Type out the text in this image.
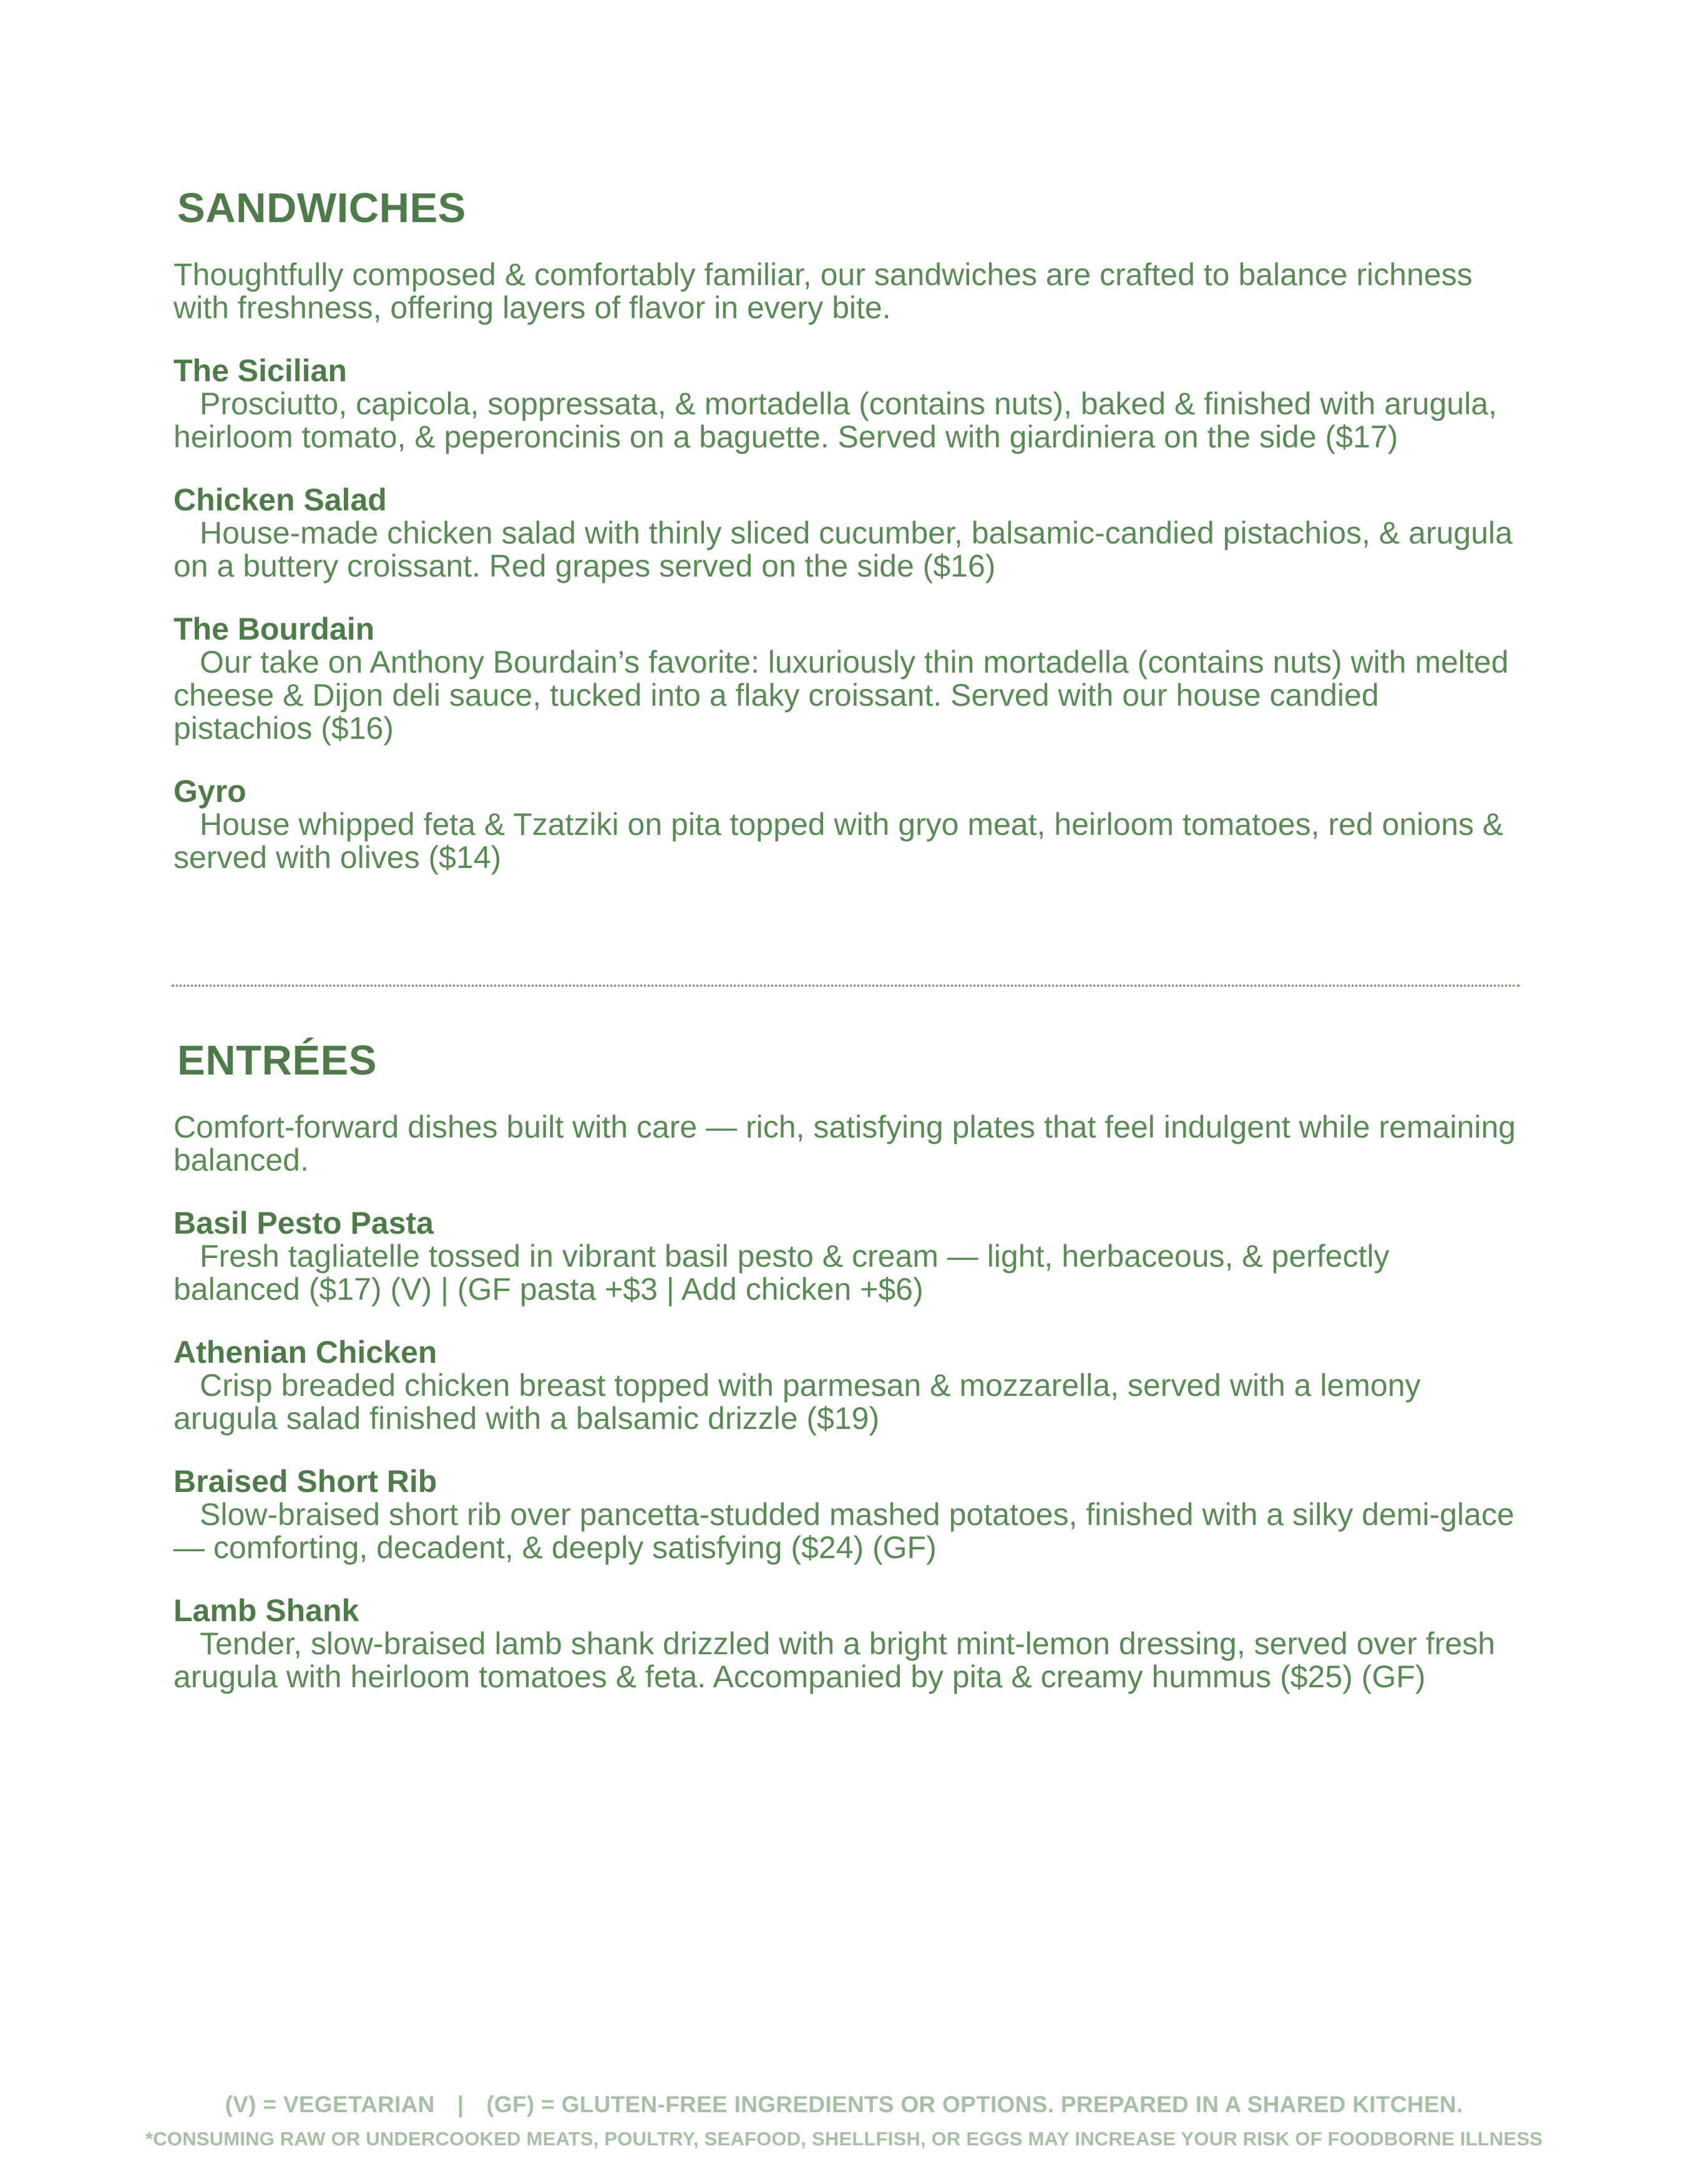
SANDWICHES

Thoughtfully composed & comfortably familiar, our sandwiches are crafted to balance richness with freshness, offering layers of flavor in every bite.

The Sicilian
Prosciutto, capicola, soppressata, & mortadella (contains nuts), baked & finished with arugula, heirloom tomato, & peperoncinis on a baguette. Served with giardiniera on the side ($17)
Chicken Salad
House-made chicken salad with thinly sliced cucumber, balsamic-candied pistachios, & arugula on a buttery croissant. Red grapes served on the side ($16)
The Bourdain
Our take on Anthony Bourdain’s favorite: luxuriously thin mortadella (contains nuts) with melted cheese & Dijon deli sauce, tucked into a flaky croissant. Served with our house candied pistachios ($16)
Gyro
House whipped feta & Tzatziki on pita topped with gryo meat, heirloom tomatoes, red onions & served with olives ($14)
ENTRÉES

Comfort-forward dishes built with care — rich, satisfying plates that feel indulgent while remaining balanced.

Basil Pesto Pasta
Fresh tagliatelle tossed in vibrant basil pesto & cream — light, herbaceous, & perfectly balanced ($17) (V) | (GF pasta +$3 | Add chicken +$6)
Athenian Chicken
Crisp breaded chicken breast topped with parmesan & mozzarella, served with a lemony arugula salad finished with a balsamic drizzle ($19)
Braised Short Rib
Slow-braised short rib over pancetta-studded mashed potatoes, finished with a silky demi-glace — comforting, decadent, & deeply satisfying ($24) (GF)
Lamb Shank
Tender, slow-braised lamb shank drizzled with a bright mint-lemon dressing, served over fresh arugula with heirloom tomatoes & feta. Accompanied by pita & creamy hummus ($25) (GF)
(V) = VEGETARIAN | (GF) = GLUTEN-FREE INGREDIENTS OR OPTIONS. PREPARED IN A SHARED KITCHEN.
*CONSUMING RAW OR UNDERCOOKED MEATS, POULTRY, SEAFOOD, SHELLFISH, OR EGGS MAY INCREASE YOUR RISK OF FOODBORNE ILLNESS
